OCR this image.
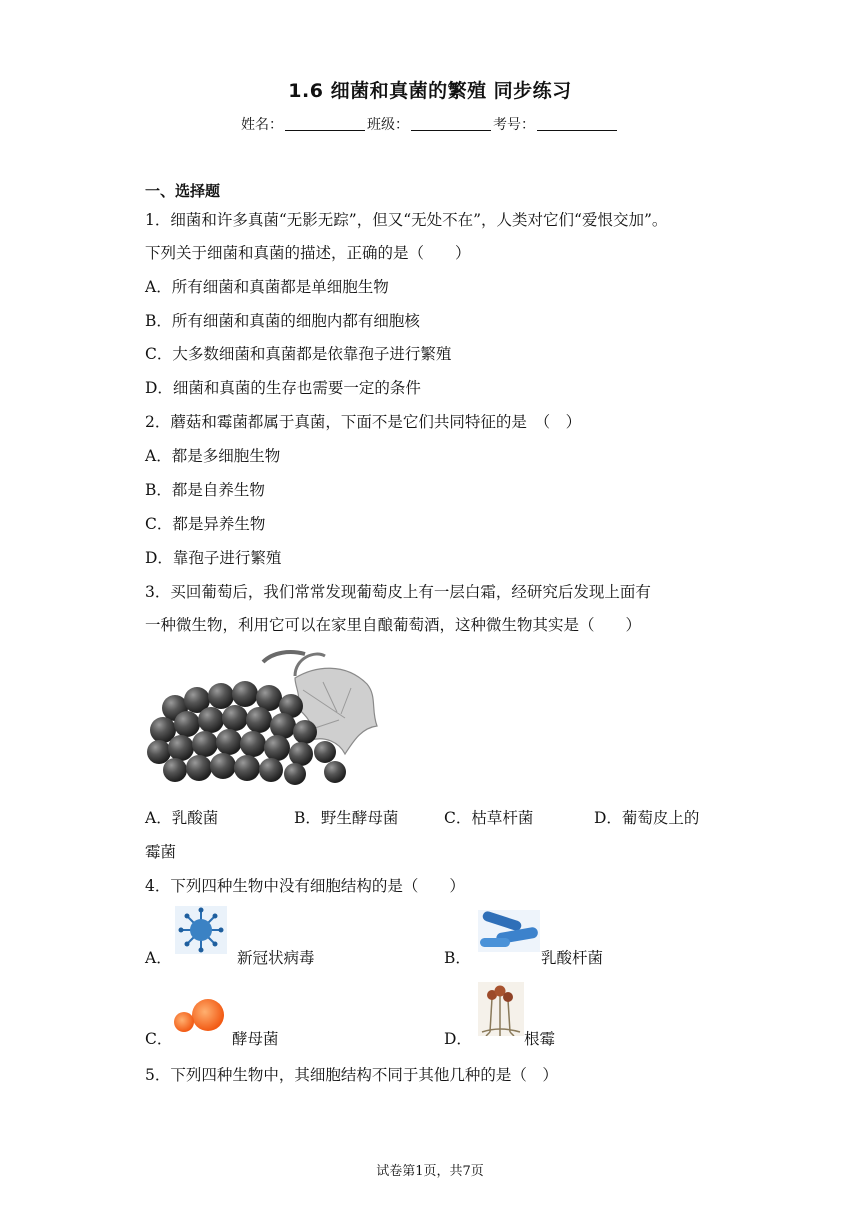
1.6 细菌和真菌的繁殖 同步练习
姓名：	班级：	考号：
一、选择题
1．细菌和许多真菌“无影无踪”，但又“无处不在”，人类对它们“爱恨交加”。
下列关于细菌和真菌的描述，正确的是（　　）
A．所有细菌和真菌都是单细胞生物
B．所有细菌和真菌的细胞内都有细胞核
C．大多数细菌和真菌都是依靠孢子进行繁殖
D．细菌和真菌的生存也需要一定的条件
2．蘑菇和霉菌都属于真菌，下面不是它们共同特征的是　（　）
A．都是多细胞生物
B．都是自养生物
C．都是异养生物
D．靠孢子进行繁殖
3．买回葡萄后，我们常常发现葡萄皮上有一层白霜，经研究后发现上面有
一种微生物，利用它可以在家里自酿葡萄酒，这种微生物其实是（　　）
A．乳酸菌	B．野生酵母菌	C．枯草杆菌	D．葡萄皮上的
霉菌
4．下列四种生物中没有细胞结构的是（　　）
A．	新冠状病毒	B．	乳酸杆菌
C．	酵母菌	D．	根霉
5．下列四种生物中，其细胞结构不同于其他几种的是（　）
试卷第1页，共7页
